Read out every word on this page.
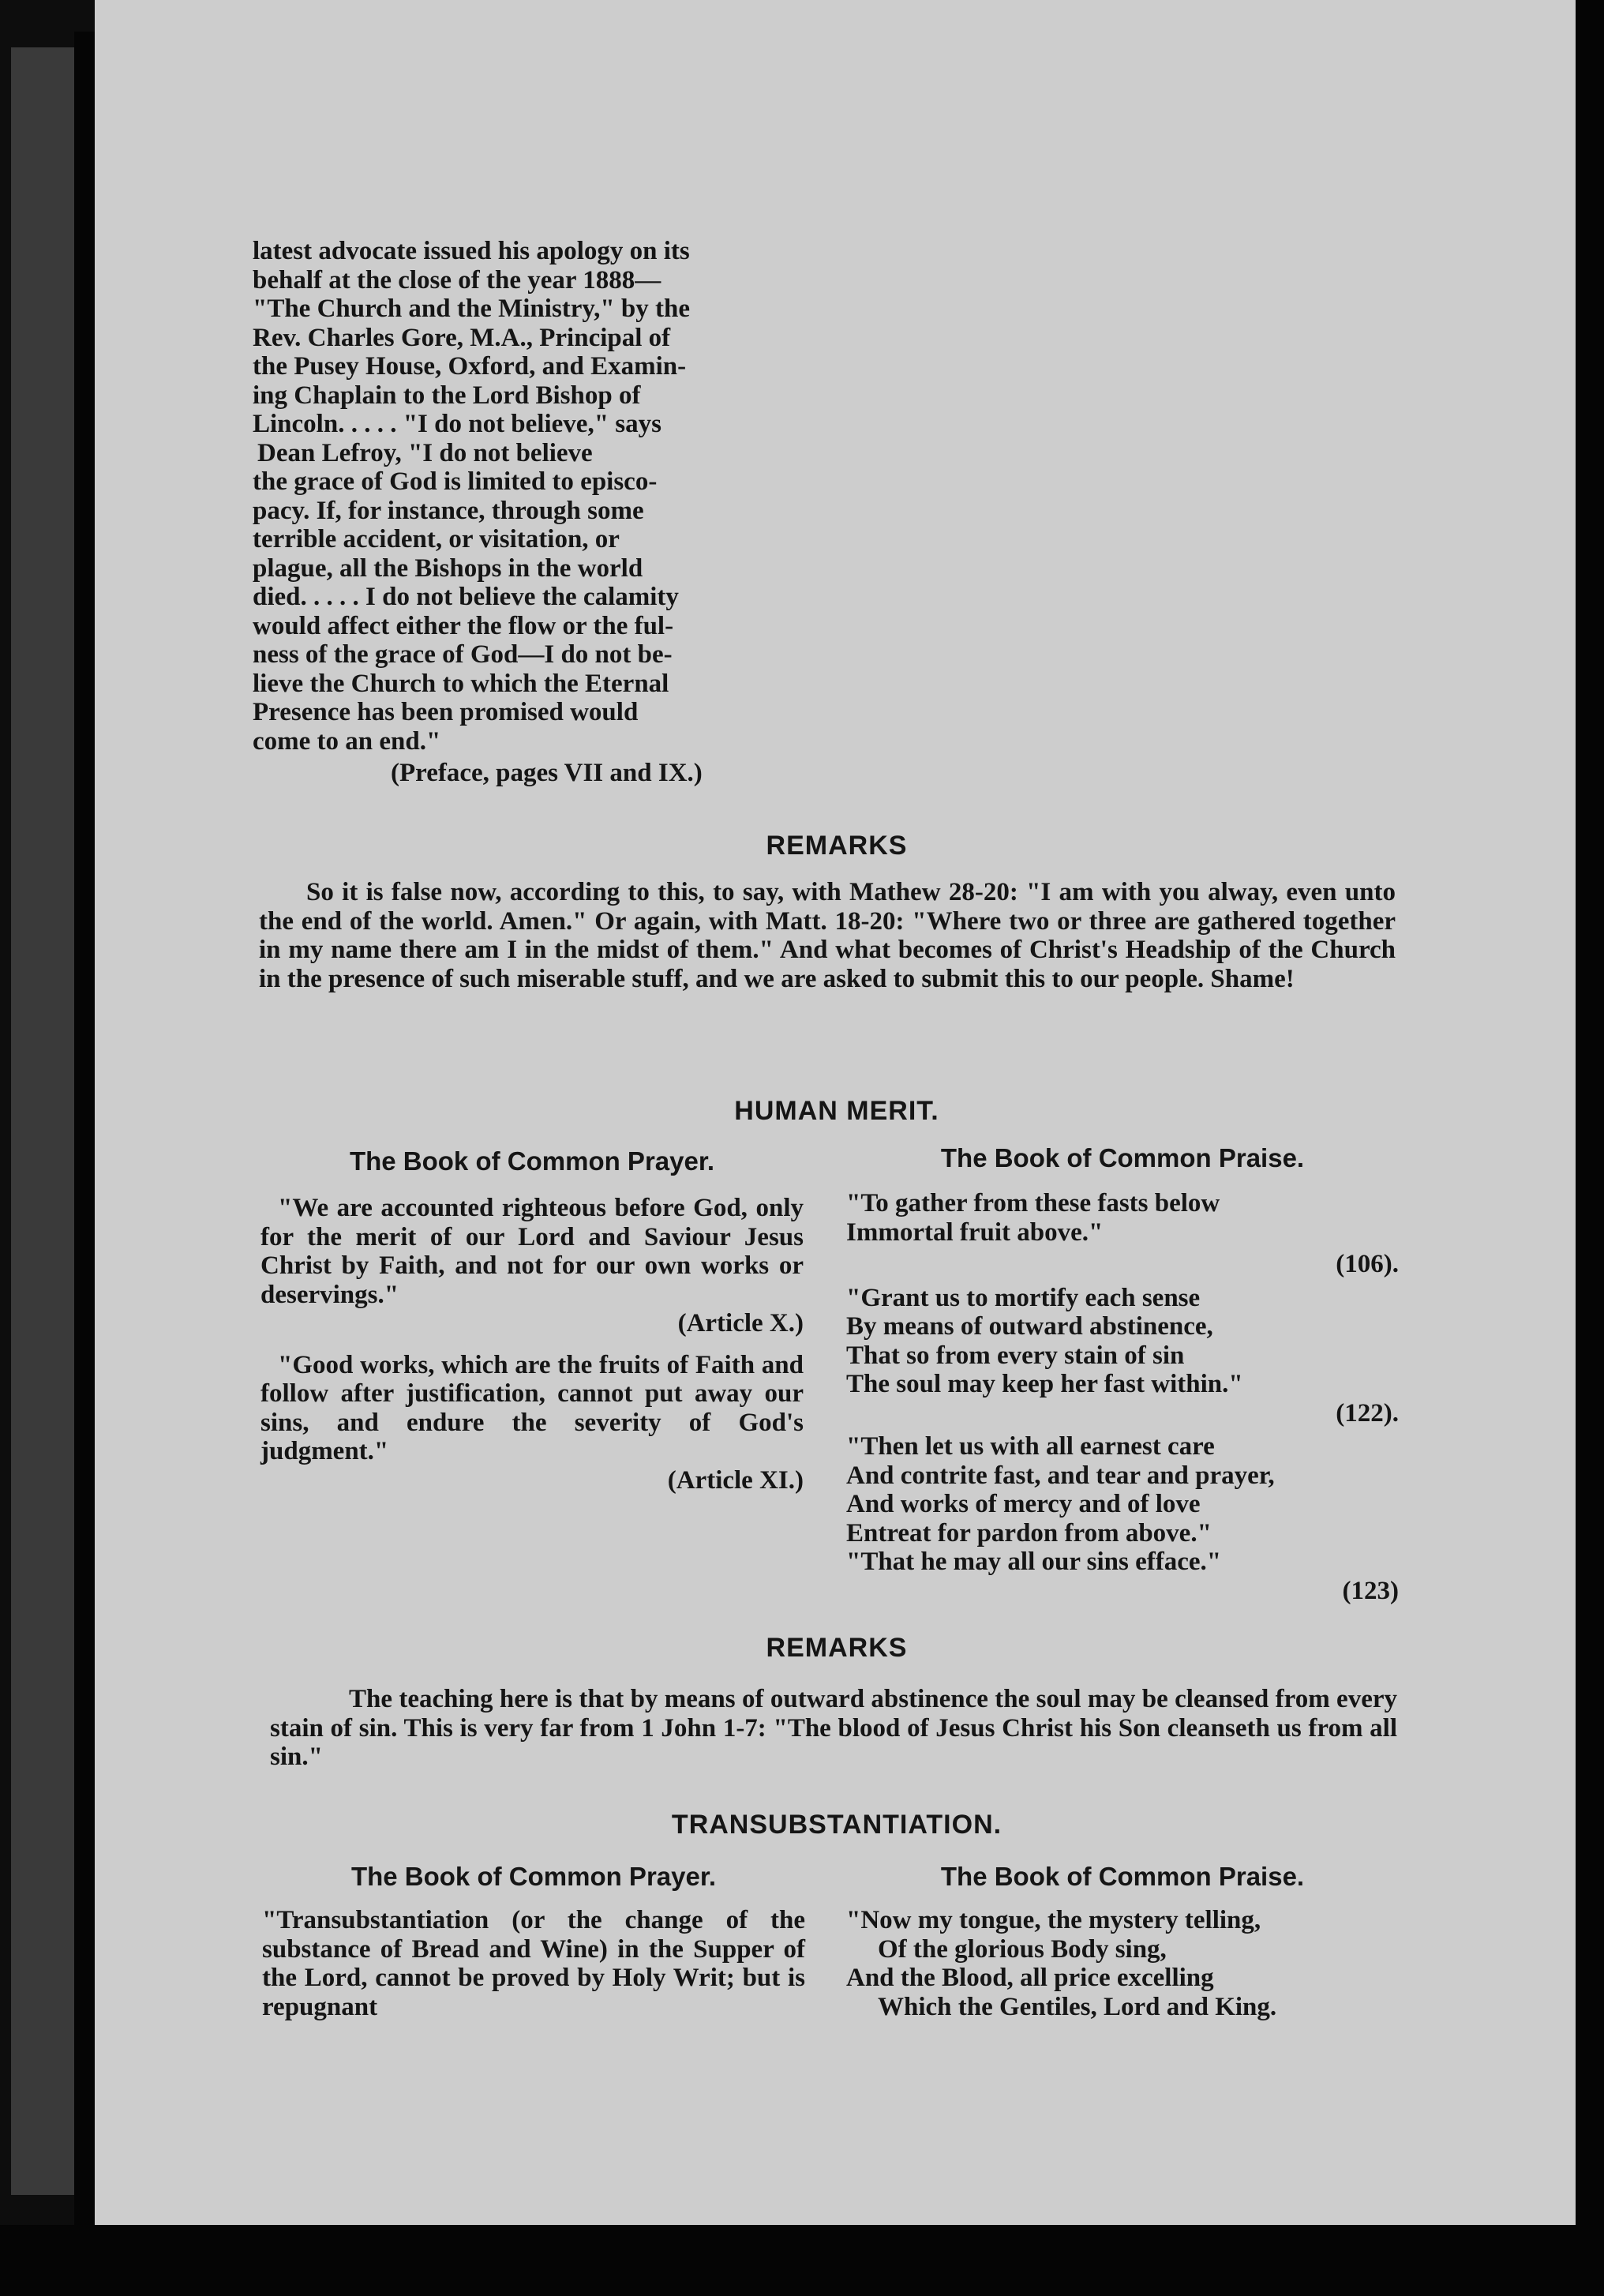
latest advocate issued his apology on its
behalf at the close of the year 1888—
"The Church and the Ministry," by the
Rev. Charles Gore, M.A., Principal of
the Pusey House, Oxford, and Examin-
ing Chaplain to the Lord Bishop of
Lincoln. . . . . "I do not believe," says
Dean Lefroy, "I do not believe
the grace of God is limited to episco-
pacy. If, for instance, through some
terrible accident, or visitation, or
plague, all the Bishops in the world
died. . . . . I do not believe the calamity
would affect either the flow or the ful-
ness of the grace of God—I do not be-
lieve the Church to which the Eternal
Presence has been promised would
come to an end."
(Preface, pages VII and IX.)
REMARKS
So it is false now, according to this, to say, with Mathew 28-20: "I am with you alway, even unto the end of the world. Amen." Or again, with Matt. 18-20: "Where two or three are gathered together in my name there am I in the midst of them." And what becomes of Christ's Headship of the Church in the presence of such miserable stuff, and we are asked to submit this to our people. Shame!
HUMAN MERIT.
The Book of Common Prayer.
"We are accounted righteous before God, only for the merit of our Lord and Saviour Jesus Christ by Faith, and not for our own works or deservings."
(Article X.)
"Good works, which are the fruits of Faith and follow after justification, cannot put away our sins, and endure the severity of God's judgment."
(Article XI.)
The Book of Common Praise.
"To gather from these fasts below
Immortal fruit above."
(106).
"Grant us to mortify each sense
By means of outward abstinence,
That so from every stain of sin
The soul may keep her fast within."
(122).
"Then let us with all earnest care
And contrite fast, and tear and prayer,
And works of mercy and of love
Entreat for pardon from above."
"That he may all our sins efface."
(123)
REMARKS
The teaching here is that by means of outward abstinence the soul may be cleansed from every stain of sin. This is very far from 1 John 1-7: "The blood of Jesus Christ his Son cleanseth us from all sin."
TRANSUBSTANTIATION.
The Book of Common Prayer.
"Transubstantiation (or the change of the substance of Bread and Wine) in the Supper of the Lord, cannot be proved by Holy Writ; but is repugnant
The Book of Common Praise.
"Now my tongue, the mystery telling,
Of the glorious Body sing,
And the Blood, all price excelling
Which the Gentiles, Lord and King.
